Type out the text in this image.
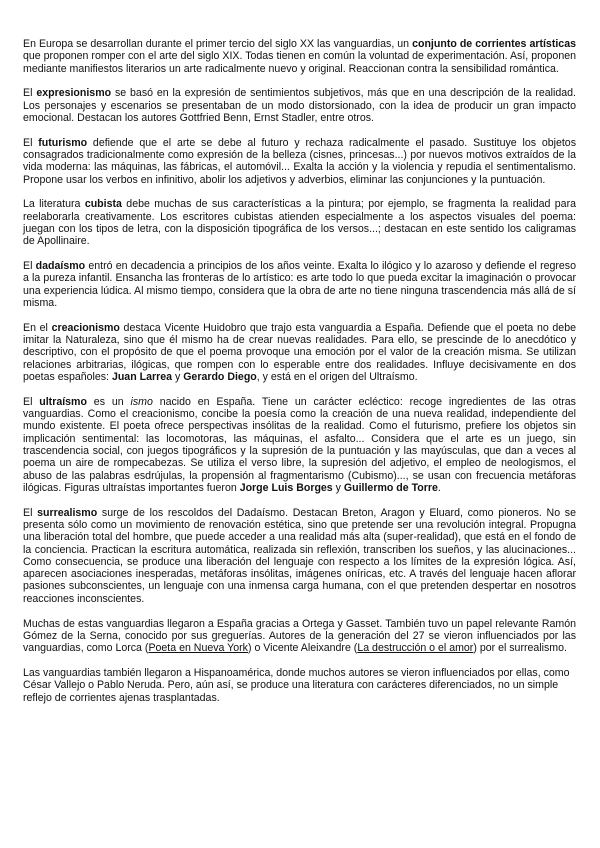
En Europa se desarrollan durante el primer tercio del siglo XX las vanguardias, un conjunto de corrientes artísticas que proponen romper con el arte del siglo XIX. Todas tienen en común la voluntad de experimentación. Así, proponen mediante manifiestos literarios un arte radicalmente nuevo y original. Reaccionan contra la sensibilidad romántica.

El expresionismo se basó en la expresión de sentimientos subjetivos, más que en una descripción de la realidad. Los personajes y escenarios se presentaban de un modo distorsionado, con la idea de producir un gran impacto emocional. Destacan los autores Gottfried Benn, Ernst Stadler, entre otros.

El futurismo defiende que el arte se debe al futuro y rechaza radicalmente el pasado. Sustituye los objetos consagrados tradicionalmente como expresión de la belleza (cisnes, princesas...) por nuevos motivos extraídos de la vida moderna: las máquinas, las fábricas, el automóvil... Exalta la acción y la violencia y repudia el sentimentalismo. Propone usar los verbos en infinitivo, abolir los adjetivos y adverbios, eliminar las conjunciones y la puntuación.

La literatura cubista debe muchas de sus características a la pintura; por ejemplo, se fragmenta la realidad para reelaborarla creativamente. Los escritores cubistas atienden especialmente a los aspectos visuales del poema: juegan con los tipos de letra, con la disposición tipográfica de los versos...; destacan en este sentido los caligramas de Apollinaire.

El dadaísmo entró en decadencia a principios de los años veinte. Exalta lo ilógico y lo azaroso y defiende el regreso a la pureza infantil. Ensancha las fronteras de lo artístico: es arte todo lo que pueda excitar la imaginación o provocar una experiencia lúdica. Al mismo tiempo, considera que la obra de arte no tiene ninguna trascendencia más allá de sí misma.

En el creacionismo destaca Vicente Huidobro que trajo esta vanguardia a España. Defiende que el poeta no debe imitar la Naturaleza, sino que él mismo ha de crear nuevas realidades. Para ello, se prescinde de lo anecdótico y descriptivo, con el propósito de que el poema provoque una emoción por el valor de la creación misma. Se utilizan relaciones arbitrarias, ilógicas, que rompen con lo esperable entre dos realidades. Influye decisivamente en dos poetas españoles: Juan Larrea y Gerardo Diego, y está en el origen del Ultraísmo.

El ultraísmo es un ismo nacido en España. Tiene un carácter ecléctico: recoge ingredientes de las otras vanguardias. Como el creacionismo, concibe la poesía como la creación de una nueva realidad, independiente del mundo existente. El poeta ofrece perspectivas insólitas de la realidad. Como el futurismo, prefiere los objetos sin implicación sentimental: las locomotoras, las máquinas, el asfalto... Considera que el arte es un juego, sin trascendencia social, con juegos tipográficos y la supresión de la puntuación y las mayúsculas, que dan a veces al poema un aire de rompecabezas. Se utiliza el verso libre, la supresión del adjetivo, el empleo de neologismos, el abuso de las palabras esdrújulas, la propensión al fragmentarismo (Cubismo)..., se usan con frecuencia metáforas ilógicas. Figuras ultraístas importantes fueron Jorge Luis Borges y Guillermo de Torre.

El surrealismo surge de los rescoldos del Dadaísmo. Destacan Breton, Aragon y Eluard, como pioneros. No se presenta sólo como un movimiento de renovación estética, sino que pretende ser una revolución integral. Propugna una liberación total del hombre, que puede acceder a una realidad más alta (super-realidad), que está en el fondo de la conciencia. Practican la escritura automática, realizada sin reflexión, transcriben los sueños, y las alucinaciones... Como consecuencia, se produce una liberación del lenguaje con respecto a los límites de la expresión lógica. Así, aparecen asociaciones inesperadas, metáforas insólitas, imágenes oníricas, etc. A través del lenguaje hacen aflorar pasiones subconscientes, un lenguaje con una inmensa carga humana, con el que pretenden despertar en nosotros reacciones inconscientes.

Muchas de estas vanguardias llegaron a España gracias a Ortega y Gasset. También tuvo un papel relevante Ramón Gómez de la Serna, conocido por sus greguerías. Autores de la generación del 27 se vieron influenciados por las vanguardias, como Lorca (Poeta en Nueva York) o Vicente Aleixandre (La destrucción o el amor) por el surrealismo.

Las vanguardias también llegaron a Hispanoamérica, donde muchos autores se vieron influenciados por ellas, como César Vallejo o Pablo Neruda. Pero, aún así, se produce una literatura con carácteres diferenciados, no un simple reflejo de corrientes ajenas trasplantadas.
